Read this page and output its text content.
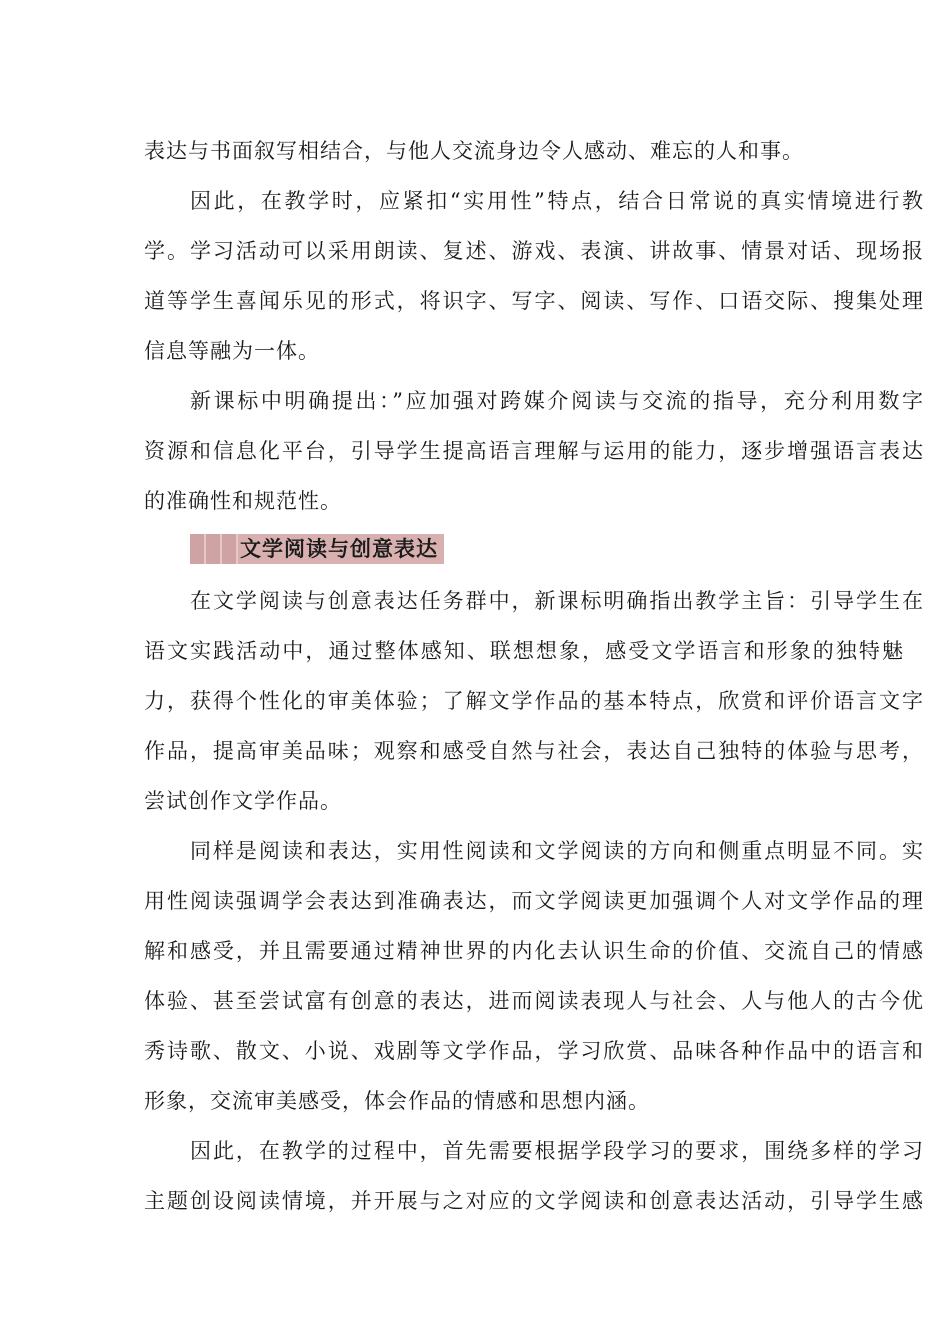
表达与书面叙写相结合，与他人交流身边令人感动、难忘的人和事。
因此，在教学时，应紧扣“实用性”特点，结合日常说的真实情境进行教
学。学习活动可以采用朗读、复述、游戏、表演、讲故事、情景对话、现场报
道等学生喜闻乐见的形式，将识字、写字、阅读、写作、口语交际、搜集处理
信息等融为一体。
新课标中明确提出：”应加强对跨媒介阅读与交流的指导，充分利用数字
资源和信息化平台，引导学生提高语言理解与运用的能力，逐步增强语言表达
的准确性和规范性。
文学阅读与创意表达
在文学阅读与创意表达任务群中，新课标明确指出教学主旨：引导学生在
语文实践活动中，通过整体感知、联想想象，感受文学语言和形象的独特魅
力，获得个性化的审美体验；了解文学作品的基本特点，欣赏和评价语言文字
作品，提高审美品味；观察和感受自然与社会，表达自己独特的体验与思考，
尝试创作文学作品。
同样是阅读和表达，实用性阅读和文学阅读的方向和侧重点明显不同。实
用性阅读强调学会表达到准确表达，而文学阅读更加强调个人对文学作品的理
解和感受，并且需要通过精神世界的内化去认识生命的价值、交流自己的情感
体验、甚至尝试富有创意的表达，进而阅读表现人与社会、人与他人的古今优
秀诗歌、散文、小说、戏剧等文学作品，学习欣赏、品味各种作品中的语言和
形象，交流审美感受，体会作品的情感和思想内涵。
因此，在教学的过程中，首先需要根据学段学习的要求，围绕多样的学习
主题创设阅读情境，并开展与之对应的文学阅读和创意表达活动，引导学生感
